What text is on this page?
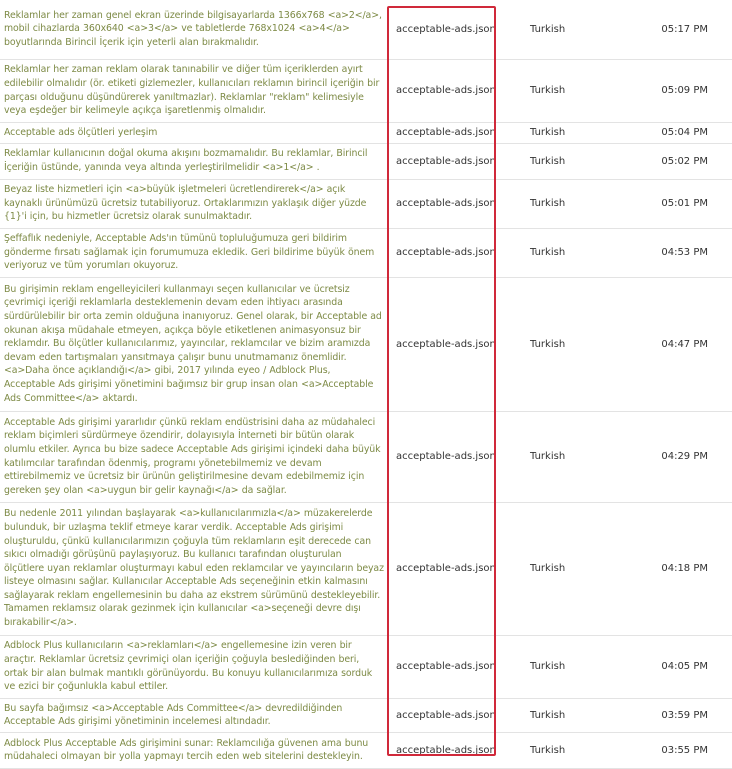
Reklamlar her zaman genel ekran üzerinde bilgisayarlarda 1366x768 <a>2</a>, mobil cihazlarda 360x640 <a>3</a> ve tabletlerde 768x1024 <a>4</a> boyutlarında Birincil İçerik için yeterli alan bırakmalıdır.	acceptable-ads.json	Turkish	05:17 PM
Reklamlar her zaman reklam olarak tanınabilir ve diğer tüm içeriklerden ayırt edilebilir olmalıdır (ör. etiketi gizlemezler, kullanıcıları reklamın birincil içeriğin bir parçası olduğunu düşündürerek yanıltmazlar). Reklamlar "reklam" kelimesiyle veya eşdeğer bir kelimeyle açıkça işaretlenmiş olmalıdır.	acceptable-ads.json	Turkish	05:09 PM
Acceptable ads ölçütleri yerleşim	acceptable-ads.json	Turkish	05:04 PM
Reklamlar kullanıcının doğal okuma akışını bozmamalıdır. Bu reklamlar, Birincil İçeriğin üstünde, yanında veya altında yerleştirilmelidir <a>1</a> .	acceptable-ads.json	Turkish	05:02 PM
Beyaz liste hizmetleri için <a>büyük işletmeleri ücretlendirerek</a> açık kaynaklı ürünümüzü ücretsiz tutabiliyoruz. Ortaklarımızın yaklaşık diğer yüzde {1}'i için, bu hizmetler ücretsiz olarak sunulmaktadır.	acceptable-ads.json	Turkish	05:01 PM
Şeffaflık nedeniyle, Acceptable Ads'ın tümünü topluluğumuza geri bildirim gönderme fırsatı sağlamak için forumumuza ekledik. Geri bildirime büyük önem veriyoruz ve tüm yorumları okuyoruz.	acceptable-ads.json	Turkish	04:53 PM
Bu girişimin reklam engelleyicileri kullanmayı seçen kullanıcılar ve ücretsiz çevrimiçi içeriği reklamlarla desteklemenin devam eden ihtiyacı arasında sürdürülebilir bir orta zemin olduğuna inanıyoruz. Genel olarak, bir Acceptable ad okunan akışa müdahale etmeyen, açıkça böyle etiketlenen animasyonsuz bir reklamdır. Bu ölçütler kullanıcılarımız, yayıncılar, reklamcılar ve bizim aramızda devam eden tartışmaları yansıtmaya çalışır bunu unutmamanız önemlidir. <a>Daha önce açıklandığı</a> gibi, 2017 yılında eyeo / Adblock Plus, Acceptable Ads girişimi yönetimini bağımsız bir grup insan olan <a>Acceptable Ads Committee</a> aktardı.	acceptable-ads.json	Turkish	04:47 PM
Acceptable Ads girişimi yararlıdır çünkü reklam endüstrisini daha az müdahaleci reklam biçimleri sürdürmeye özendirir, dolayısıyla İnterneti bir bütün olarak olumlu etkiler. Ayrıca bu bize sadece Acceptable Ads girişimi içindeki daha büyük katılımcılar tarafından ödenmiş, programı yönetebilmemiz ve devam ettirebilmemiz ve ücretsiz bir ürünün geliştirilmesine devam edebilmemiz için gereken şey olan <a>uygun bir gelir kaynağı</a> da sağlar.	acceptable-ads.json	Turkish	04:29 PM
Bu nedenle 2011 yılından başlayarak <a>kullanıcılarımızla</a> müzakerelerde bulunduk, bir uzlaşma teklif etmeye karar verdik. Acceptable Ads girişimi oluşturuldu, çünkü kullanıcılarımızın çoğuyla tüm reklamların eşit derecede can sıkıcı olmadığı görüşünü paylaşıyoruz. Bu kullanıcı tarafından oluşturulan ölçütlere uyan reklamlar oluşturmayı kabul eden reklamcılar ve yayıncıların beyaz listeye olmasını sağlar. Kullanıcılar Acceptable Ads seçeneğinin etkin kalmasını sağlayarak reklam engellemesinin bu daha az ekstrem sürümünü destekleyebilir. Tamamen reklamsız olarak gezinmek için kullanıcılar <a>seçeneği devre dışı bırakabilir</a>.	acceptable-ads.json	Turkish	04:18 PM
Adblock Plus kullanıcıların <a>reklamları</a> engellemesine izin veren bir araçtır. Reklamlar ücretsiz çevrimiçi olan içeriğin çoğuyla beslediğinden beri, ortak bir alan bulmak mantıklı görünüyordu. Bu konuyu kullanıcılarımıza sorduk ve ezici bir çoğunlukla kabul ettiler.	acceptable-ads.json	Turkish	04:05 PM
Bu sayfa bağımsız <a>Acceptable Ads Committee</a> devredildiğinden Acceptable Ads girişimi yönetiminin incelemesi altındadır.	acceptable-ads.json	Turkish	03:59 PM
Adblock Plus Acceptable Ads girişimini sunar: Reklamcılığa güvenen ama bunu müdahaleci olmayan bir yolla yapmayı tercih eden web sitelerini destekleyin.	acceptable-ads.json	Turkish	03:55 PM
